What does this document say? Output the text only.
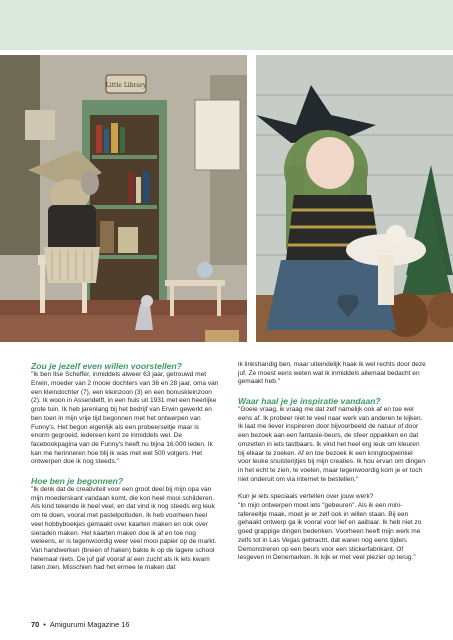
Little Library
Zou je jezelf even willen voorstellen?

"Ik ben Ilse Scheffer, inmiddels alweer 63 jaar, getrouwd met Erwin, moeder van 2 mooie dochters van 36 en 28 jaar, oma van een kleindochter (7), een kleinzoon (3) en een bonuskleinzoon (2). Ik woon in Assendelft, in een huis uit 1931 met een heerlijke grote tuin. Ik heb jarenlang bij het bedrijf van Erwin gewerkt en ben toen in mijn vrije tijd begonnen met het ontwerpen van Funny's. Het begon eigenlijk als een probeerseltje maar is enorm gegroeid, iedereen kent ze inmiddels wel. De facebookpagina van de Funny's heeft nu bijna 16.000 leden. Ik kan me herinneren hoe blij ik was met wel 500 volgers. Het ontwerpen doe ik nog steeds."

Hoe ben je begonnen?

"Ik denk dat de creativiteit voor een groot deel bij mijn opa van mijn moederskant vandaan komt, die kon heel mooi schilderen. Als kind tekende ik heel veel, en dat vind ik nog steeds erg leuk om te doen, vooral met pastelpotloden. Ik heb voorheen heel veel hobbyboekjes gemaakt over kaarten maken en ook over sieraden maken. Het kaarten maken doe ik af en toe nog weleens, er is tegenwoordig weer veel mooi papier op de markt. Van handwerken (breien of haken) bakte ik op de lagere school helemaal niets. De juf gaf vooraf al een zucht als ik iets kwam laten zien. Misschien had het ermee te maken dat

ik linkshandig ben, maar uiteindelijk haak ik wel rechts door deze juf. Ze moest eens weten wat ik inmiddels allemaal bedacht en gemaakt heb."

Waar haal je je inspiratie vandaan?

"Goeie vraag, ik vraag me dat zelf namelijk ook af en toe wel eens af. Ik probeer niet te veel naar werk van anderen te kijken. Ik laat me liever inspireren door bijvoorbeeld de natuur of door een bezoek aan een fantasie-beurs, de sfeer oppakken en dat omzetten in iets tastbaars. Ik vind het heel erg leuk om kleuren bij elkaar te zoeken. Af en toe bezoek ik een kringloopwinkel voor leuke snuisterijtjes bij mijn creaties. Ik hou ervan om dingen in het echt te zien, te voelen, maar tegenwoordig kom je er toch niet onderuit om via internet te bestellen."

Kun je iets speciaals vertellen over jouw werk?

"In mijn ontwerpen moet iets "gebeuren". Als ik een mini-tafereeltje maak, moet je er zelf ook in willen staan. Bij een gehaakt ontwerp ga ik vooral voor lief en aaibaar. Ik heb niet zo goed grappige dingen bedenken. Voorheen heeft mijn werk me zelfs tot in Las Vegas gebracht, dat waren nog eens tijden. Demonstreren op een beurs voor een stickerfabrikant. Of lesgeven in Denemarken. Ik kijk er met veel plezier op terug."

70 • Amigurumi Magazine 16
